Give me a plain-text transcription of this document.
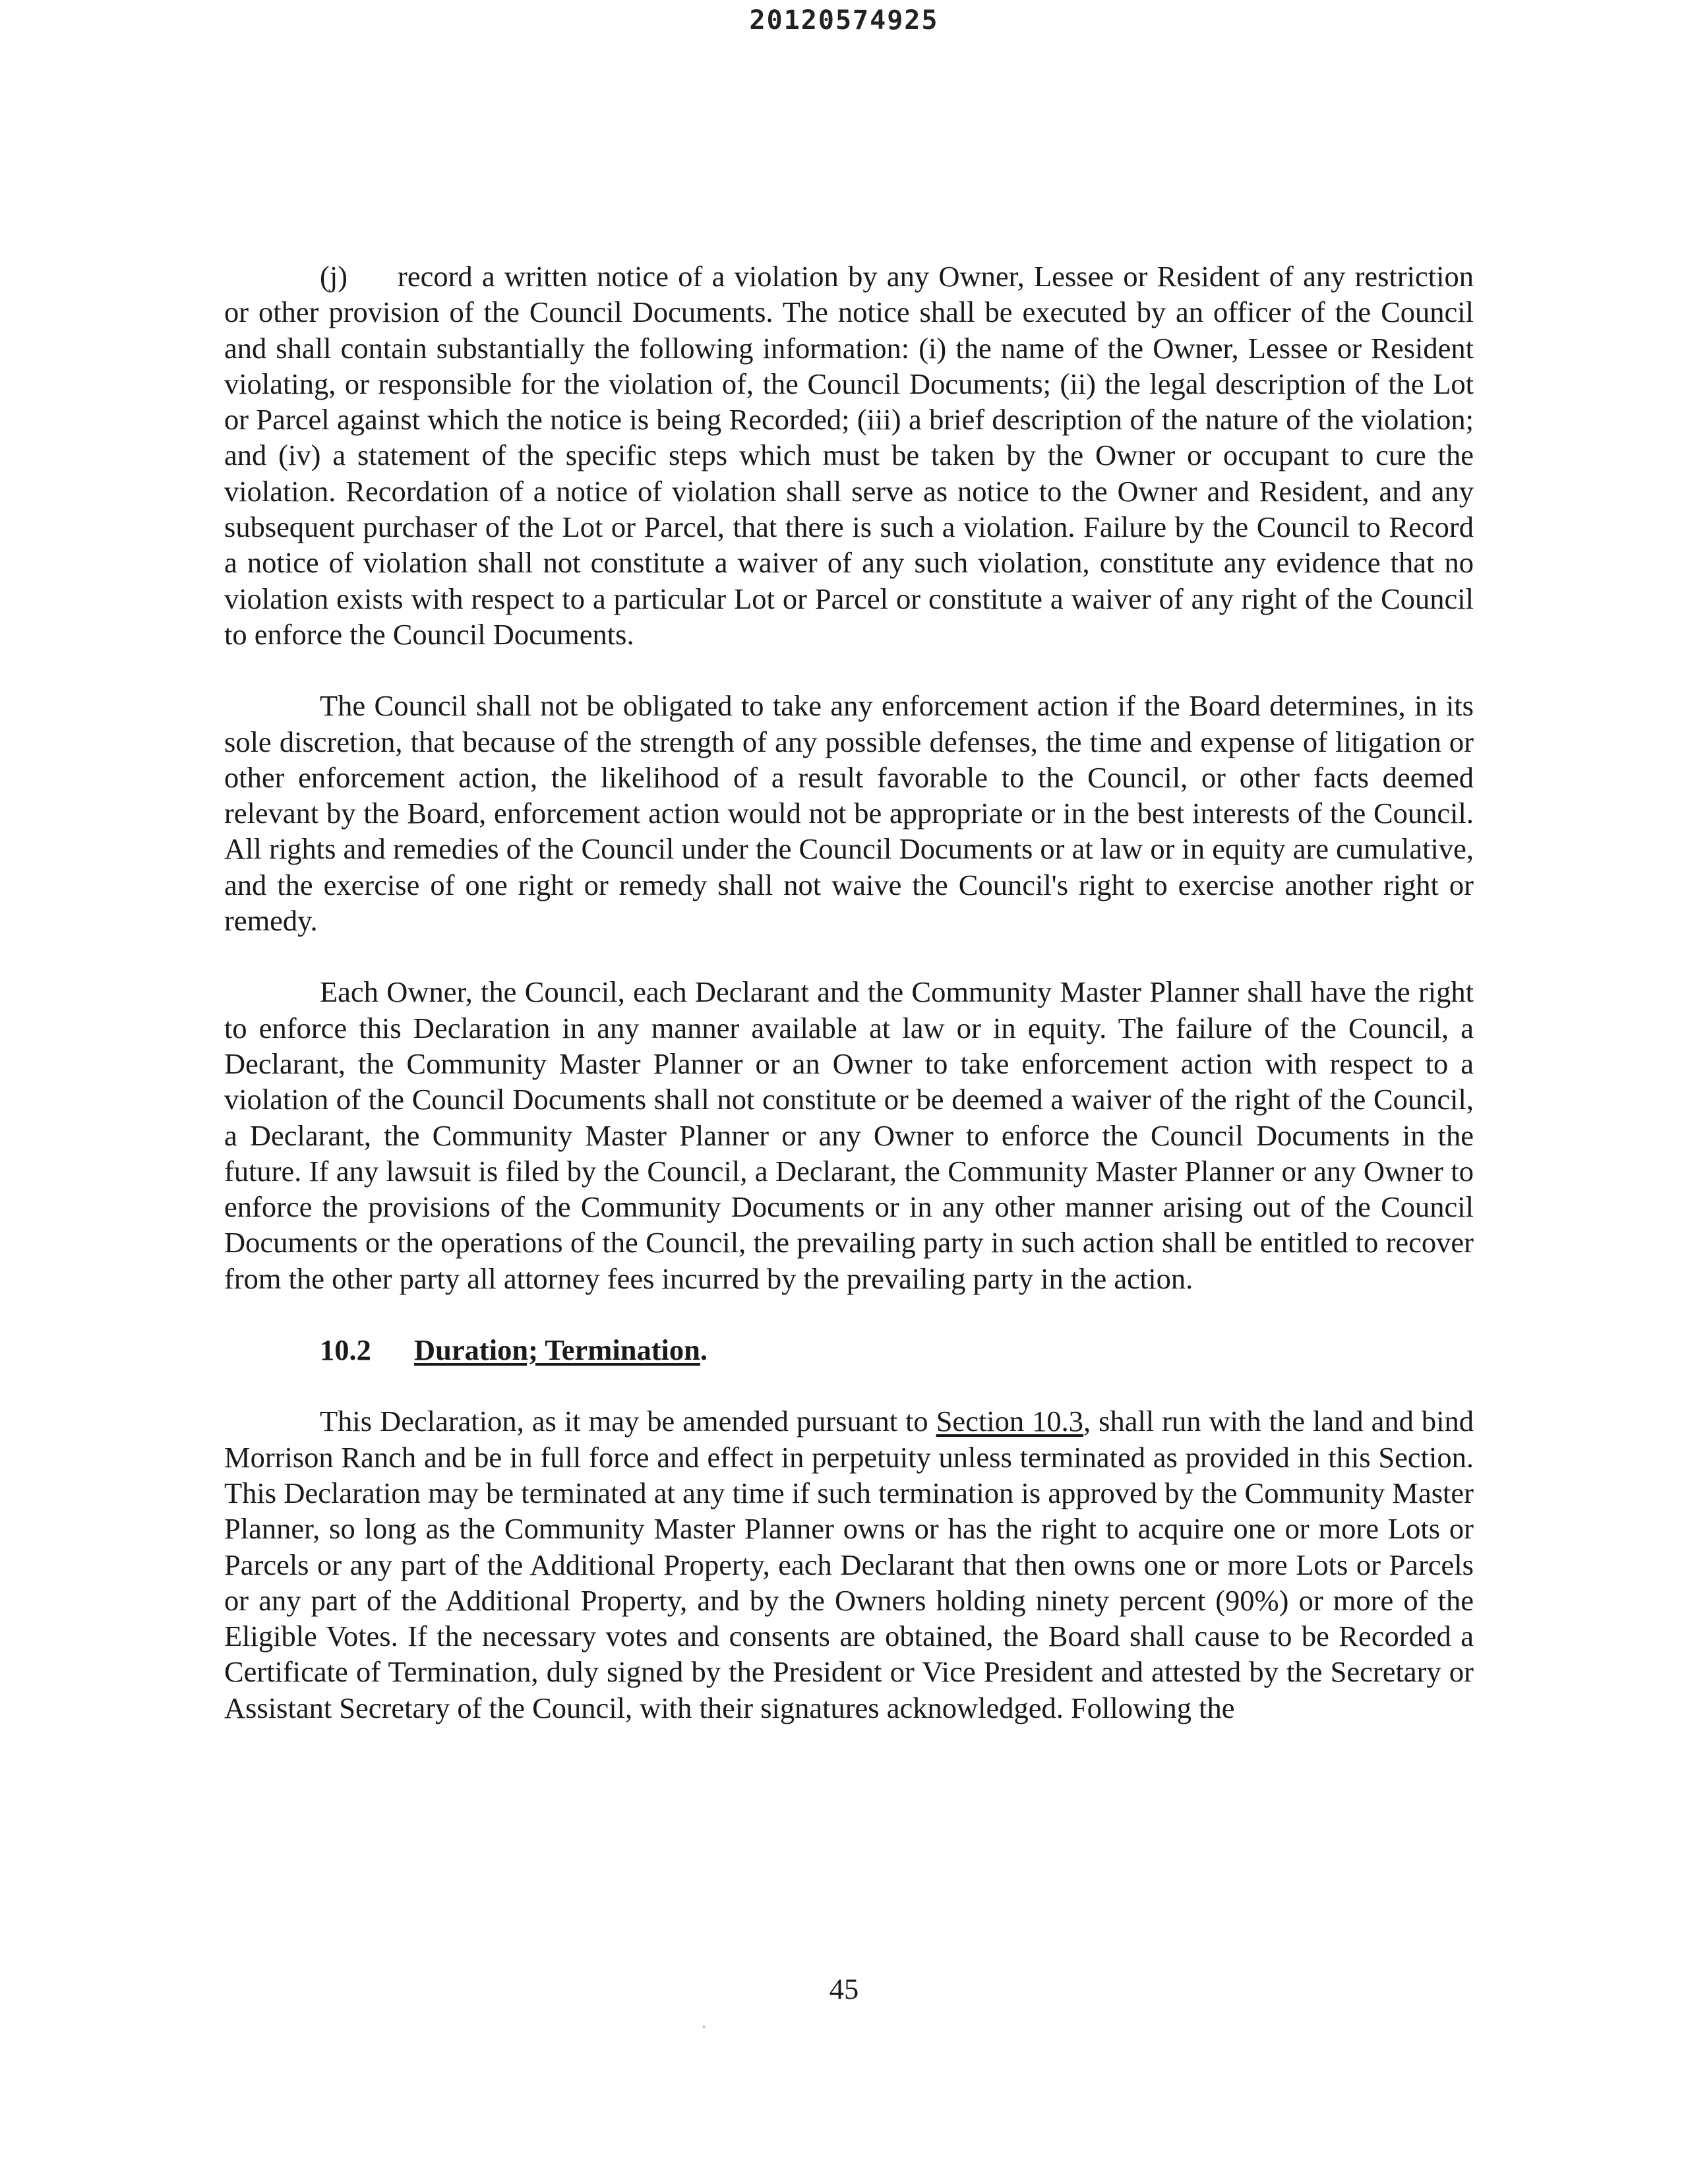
20120574925

(j) record a written notice of a violation by any Owner, Lessee or Resident of any restriction or other provision of the Council Documents. The notice shall be executed by an officer of the Council and shall contain substantially the following information: (i) the name of the Owner, Lessee or Resident violating, or responsible for the violation of, the Council Documents; (ii) the legal description of the Lot or Parcel against which the notice is being Recorded; (iii) a brief description of the nature of the violation; and (iv) a statement of the specific steps which must be taken by the Owner or occupant to cure the violation. Recordation of a notice of violation shall serve as notice to the Owner and Resident, and any subsequent purchaser of the Lot or Parcel, that there is such a violation. Failure by the Council to Record a notice of violation shall not constitute a waiver of any such violation, constitute any evidence that no violation exists with respect to a particular Lot or Parcel or constitute a waiver of any right of the Council to enforce the Council Documents.

The Council shall not be obligated to take any enforcement action if the Board determines, in its sole discretion, that because of the strength of any possible defenses, the time and expense of litigation or other enforcement action, the likelihood of a result favorable to the Council, or other facts deemed relevant by the Board, enforcement action would not be appropriate or in the best interests of the Council. All rights and remedies of the Council under the Council Documents or at law or in equity are cumulative, and the exercise of one right or remedy shall not waive the Council's right to exercise another right or remedy.

Each Owner, the Council, each Declarant and the Community Master Planner shall have the right to enforce this Declaration in any manner available at law or in equity. The failure of the Council, a Declarant, the Community Master Planner or an Owner to take enforcement action with respect to a violation of the Council Documents shall not constitute or be deemed a waiver of the right of the Council, a Declarant, the Community Master Planner or any Owner to enforce the Council Documents in the future. If any lawsuit is filed by the Council, a Declarant, the Community Master Planner or any Owner to enforce the provisions of the Community Documents or in any other manner arising out of the Council Documents or the operations of the Council, the prevailing party in such action shall be entitled to recover from the other party all attorney fees incurred by the prevailing party in the action.

10.2 Duration; Termination.

This Declaration, as it may be amended pursuant to Section 10.3, shall run with the land and bind Morrison Ranch and be in full force and effect in perpetuity unless terminated as provided in this Section. This Declaration may be terminated at any time if such termination is approved by the Community Master Planner, so long as the Community Master Planner owns or has the right to acquire one or more Lots or Parcels or any part of the Additional Property, each Declarant that then owns one or more Lots or Parcels or any part of the Additional Property, and by the Owners holding ninety percent (90%) or more of the Eligible Votes. If the necessary votes and consents are obtained, the Board shall cause to be Recorded a Certificate of Termination, duly signed by the President or Vice President and attested by the Secretary or Assistant Secretary of the Council, with their signatures acknowledged. Following the

45
